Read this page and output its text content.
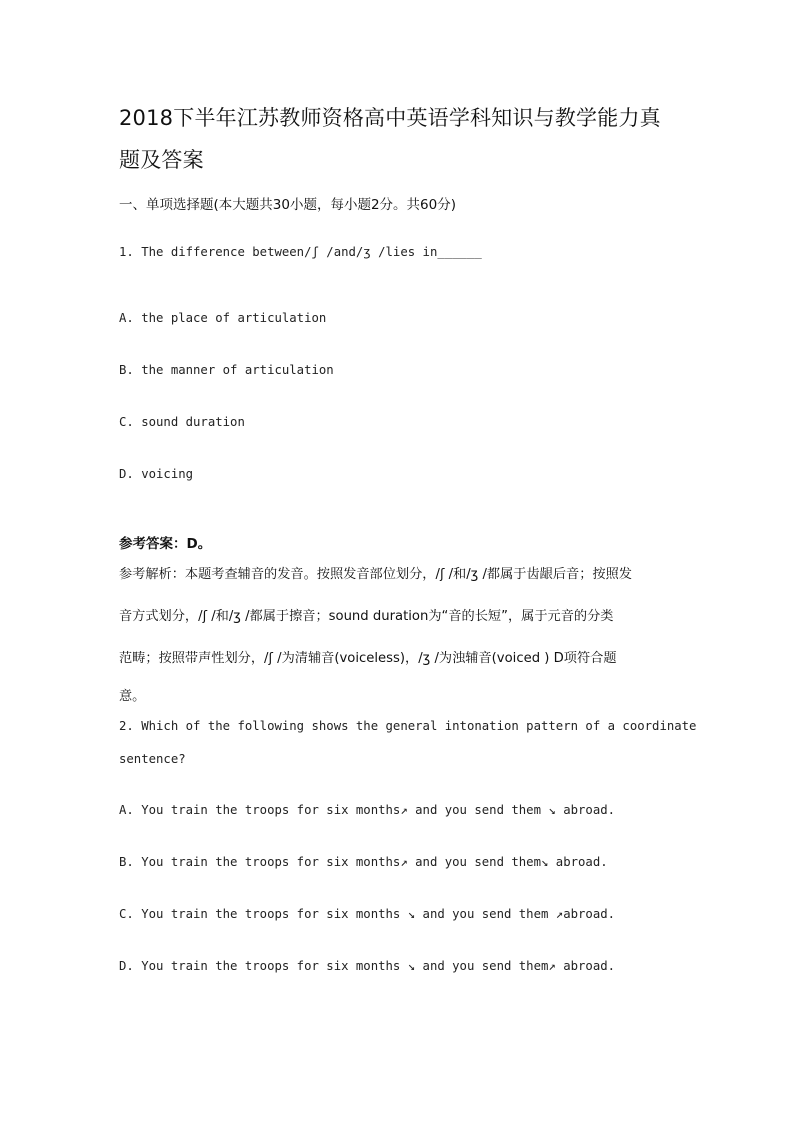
2018下半年江苏教师资格高中英语学科知识与教学能力真
题及答案
一、单项选择题(本大题共30小题，每小题2分。共60分)
1. The difference between/ʃ /and/ʒ /lies in______
A. the place of articulation
B. the manner of articulation
C. sound duration
D. voicing
参考答案：D。
参考解析：本题考查辅音的发音。按照发音部位划分，/ʃ /和/ʒ /都属于齿龈后音；按照发
音方式划分，/ʃ /和/ʒ /都属于擦音；sound duration为“音的长短”，属于元音的分类
范畴；按照带声性划分，/ʃ /为清辅音(voiceless)，/ʒ /为浊辅音(voiced ) D项符合题
意。
2. Which of the following shows the general intonation pattern of a coordinate
sentence?
A. You train the troops for six months↗ and you send them ↘ abroad.
B. You train the troops for six months↗ and you send them↘ abroad.
C. You train the troops for six months ↘ and you send them ↗abroad.
D. You train the troops for six months ↘ and you send them↗ abroad.
